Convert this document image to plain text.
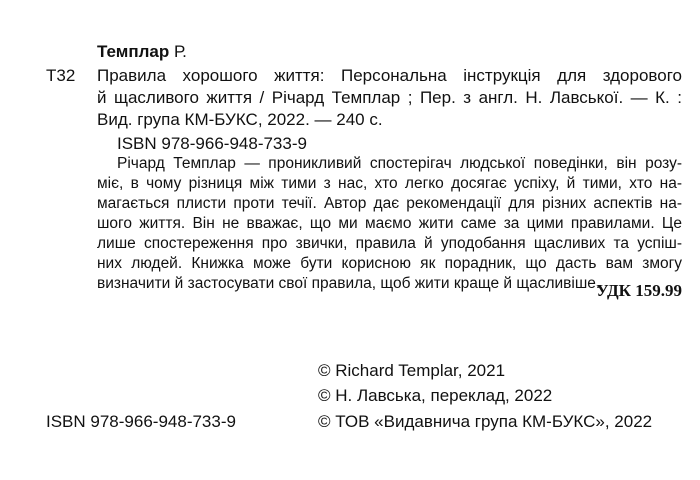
Темплар Р.
Т32 Правила хорошого життя: Персональна інструкція для здорового
й щасливого життя / Річард Темплар ; Пер. з англ. Н. Лавської. — К. :
Вид. група КМ-БУКС, 2022. — 240 с.
ISBN 978-966-948-733-9
Річард Темплар — проникливий спостерігач людської поведінки, він розу-
міє, в чому різниця між тими з нас, хто легко досягає успіху, й тими, хто на-
магається плисти проти течії. Автор дає рекомендації для різних аспектів на-
шого життя. Він не вважає, що ми маємо жити саме за цими правилами. Це
лише спостереження про звички, правила й уподобання щасливих та успіш-
них людей. Книжка може бути корисною як порадник, що дасть вам змогу
визначити й застосувати свої правила, щоб жити краще й щасливіше.
УДК 159.99
© Richard Templar, 2021
© Н. Лавська, переклад, 2022
© ТОВ «Видавнича група КМ-БУКС», 2022
ISBN 978-966-948-733-9
